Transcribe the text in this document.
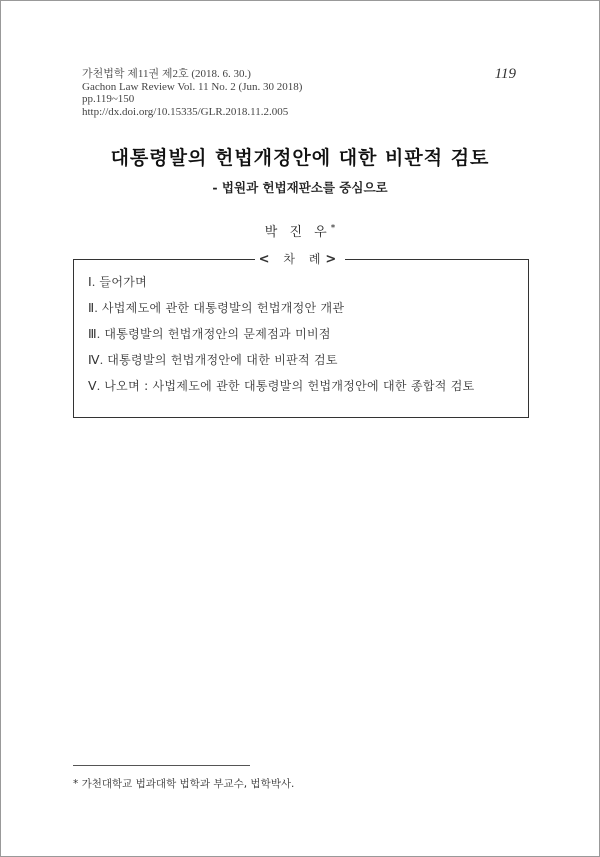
가천법학 제11권 제2호 (2018. 6. 30.)
Gachon Law Review Vol. 11 No. 2 (Jun. 30 2018)
pp.119~150
http://dx.doi.org/10.15335/GLR.2018.11.2.005
119
대통령발의 헌법개정안에 대한 비판적 검토
- 법원과 헌법재판소를 중심으로
박 진 우*
< 차 례>
Ⅰ. 들어가며
Ⅱ. 사법제도에 관한 대통령발의 헌법개정안 개관
Ⅲ. 대통령발의 헌법개정안의 문제점과 미비점
Ⅳ. 대통령발의 헌법개정안에 대한 비판적 검토
Ⅴ. 나오며 : 사법제도에 관한 대통령발의 헌법개정안에 대한 종합적 검토
* 가천대학교 법과대학 법학과 부교수, 법학박사.
